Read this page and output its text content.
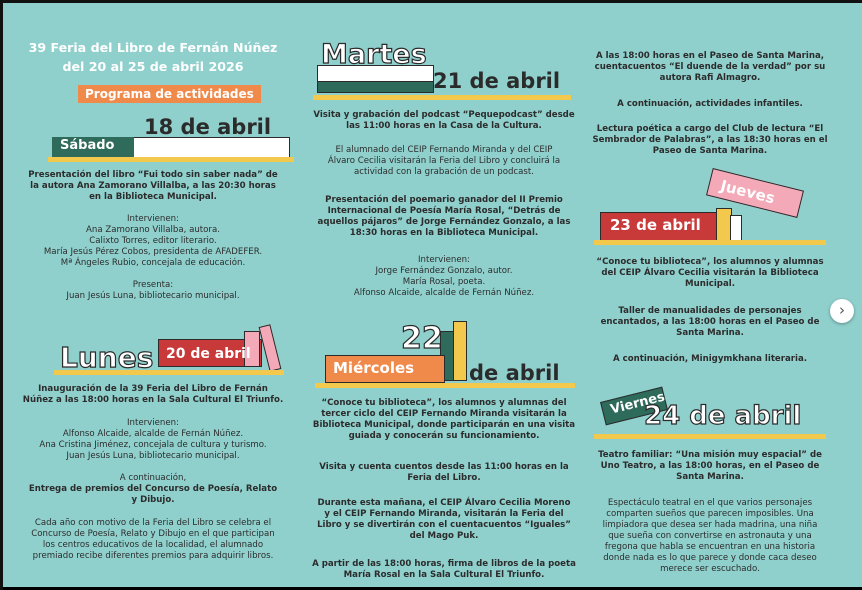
39 Feria del Libro de Fernán Núñez
del 20 al 25 de abril 2026
Programa de actividades
Sábado
18 de abril
Presentación del libro “Fui todo sin saber nada” de
la autora Ana Zamorano Villalba, a las 20:30 horas
en la Biblioteca Municipal.
Intervienen:
Ana Zamorano Villalba, autora.
Calixto Torres, editor literario.
María Jesús Pérez Cobos, presidenta de AFADEFER.
Mª Ángeles Rubio, concejala de educación.
Presenta:
Juan Jesús Luna, bibliotecario municipal.
Lunes 20 de abril
Inauguración de la 39 Feria del Libro de Fernán
Núñez a las 18:00 horas en la Sala Cultural El Triunfo.
Intervienen:
Alfonso Alcaide, alcalde de Fernán Núñez.
Ana Cristina Jiménez, concejala de cultura y turismo.
Juan Jesús Luna, bibliotecario municipal.
A continuación,
Entrega de premios del Concurso de Poesía, Relato
y Dibujo.
Cada año con motivo de la Feria del Libro se celebra el
Concurso de Poesía, Relato y Dibujo en el que participan
los centros educativos de la localidad, el alumnado
premiado recibe diferentes premios para adquirir libros.
Martes
21 de abril
Visita y grabación del podcast “Pequepodcast” desde
las 11:00 horas en la Casa de la Cultura.
El alumnado del CEIP Fernando Miranda y del CEIP
Álvaro Cecilia visitarán la Feria del Libro y concluirá la
actividad con la grabación de un podcast.
Presentación del poemario ganador del II Premio
Internacional de Poesía María Rosal, “Detrás de
aquellos pájaros” de Jorge Fernández Gonzalo, a las
18:30 horas en la Biblioteca Municipal.
Intervienen:
Jorge Fernández Gonzalo, autor.
María Rosal, poeta.
Alfonso Alcaide, alcalde de Fernán Núñez.
22
Miércoles	de abril
“Conoce tu biblioteca”, los alumnos y alumnas del
tercer ciclo del CEIP Fernando Miranda visitarán la
Biblioteca Municipal, donde participarán en una visita
guiada y conocerán su funcionamiento.
Visita y cuenta cuentos desde las 11:00 horas en la
Feria del Libro.
Durante esta mañana, el CEIP Álvaro Cecilia Moreno
y el CEIP Fernando Miranda, visitarán la Feria del
Libro y se divertirán con el cuentacuentos “Iguales”
del Mago Puk.
A partir de las 18:00 horas, firma de libros de la poeta
María Rosal en la Sala Cultural El Triunfo.
A las 18:00 horas en el Paseo de Santa Marina,
cuentacuentos “El duende de la verdad” por su
autora Rafi Almagro.
A continuación, actividades infantiles.
Lectura poética a cargo del Club de lectura “El
Sembrador de Palabras”, a las 18:30 horas en el
Paseo de Santa Marina.
Jueves
23 de abril
“Conoce tu biblioteca”, los alumnos y alumnas
del CEIP Álvaro Cecilia visitarán la Biblioteca
Municipal.
Taller de manualidades de personajes
encantados, a las 18:00 horas en el Paseo de
Santa Marina.
A continuación, Minigymkhana literaria.
Viernes
24 de abril
Teatro familiar: “Una misión muy espacial” de
Uno Teatro, a las 18:00 horas, en el Paseo de
Santa Marina.
Espectáculo teatral en el que varios personajes
comparten sueños que parecen imposibles. Una
limpiadora que desea ser hada madrina, una niña
que sueña con convertirse en astronauta y una
fregona que habla se encuentran en una historia
donde nada es lo que parece y donde caca deseo
merece ser escuchado.
›
